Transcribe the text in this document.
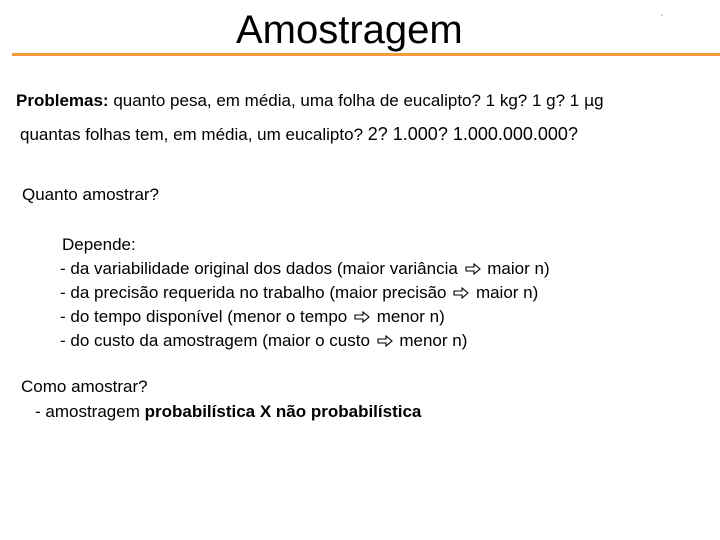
Amostragem	‘
Problemas: quanto pesa, em média, uma folha de eucalipto? 1 kg? 1 g? 1 µg
quantas folhas tem, em média, um eucalipto? 2? 1.000? 1.000.000.000?
Quanto amostrar?
Depende:
- da variabilidade original dos dados (maior variância  maior n)
- da precisão requerida no trabalho (maior precisão  maior n)
- do tempo disponível (menor o tempo  menor n)
- do custo da amostragem (maior o custo  menor n)
Como amostrar?
- amostragem probabilística X não probabilística
